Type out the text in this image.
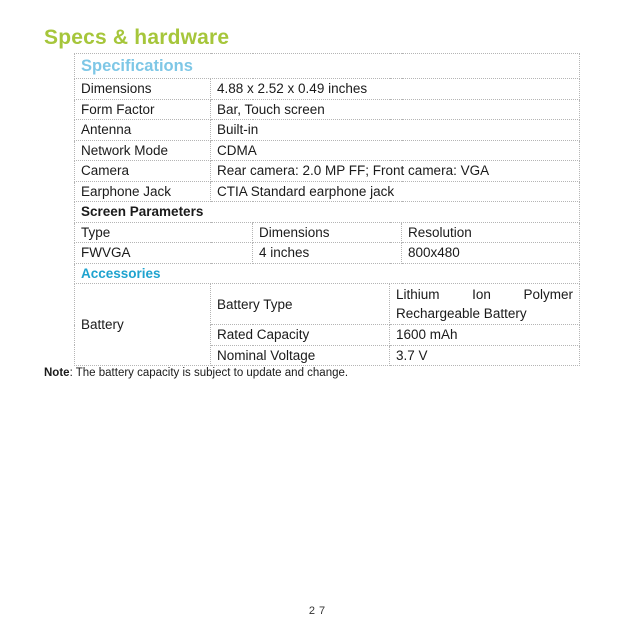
Specs & hardware
Specifications				
Dimensions	4.88 x 2.52 x 0.49 inches			
Form Factor	Bar, Touch screen			
Antenna	Built-in			
Network Mode	CDMA			
Camera	Rear camera: 2.0 MP FF; Front camera: VGA			
Earphone Jack	CTIA Standard earphone jack			
Screen Parameters				
Type		Dimensions		Resolution
FWVGA		4 inches		800x480
Accessories				
Battery	Battery Type		Lithium Ion Polymer
Rechargeable Battery	

	Rated Capacity		1600 mAh	
	Nominal Voltage		3.7 V	
Note: The battery capacity is subject to update and change.
27
